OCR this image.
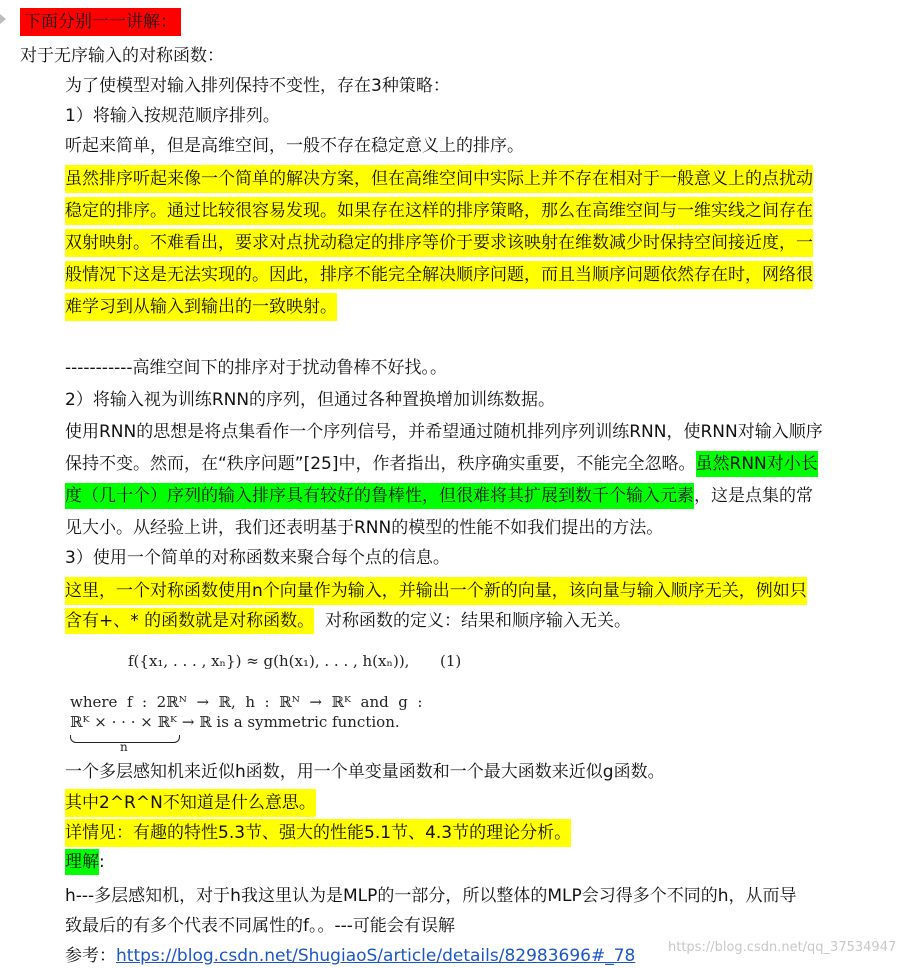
下面分别一一讲解：
对于无序输入的对称函数：
为了使模型对输入排列保持不变性，存在3种策略：
1）将输入按规范顺序排列。
听起来简单，但是高维空间，一般不存在稳定意义上的排序。
虽然排序听起来像一个简单的解决方案，但在高维空间中实际上并不存在相对于一般意义上的点扰动
稳定的排序。通过比较很容易发现。如果存在这样的排序策略，那么在高维空间与一维实线之间存在
双射映射。不难看出，要求对点扰动稳定的排序等价于要求该映射在维数减少时保持空间接近度，一
般情况下这是无法实现的。因此，排序不能完全解决顺序问题，而且当顺序问题依然存在时，网络很
难学习到从输入到输出的一致映射。
-----------高维空间下的排序对于扰动鲁棒不好找。。
2）将输入视为训练RNN的序列，但通过各种置换增加训练数据。
使用RNN的思想是将点集看作一个序列信号，并希望通过随机排列序列训练RNN，使RNN对输入顺序
保持不变。然而，在“秩序问题”[25]中，作者指出，秩序确实重要，不能完全忽略。虽然RNN对小长
度（几十个）序列的输入排序具有较好的鲁棒性，但很难将其扩展到数千个输入元素，这是点集的常
见大小。从经验上讲，我们还表明基于RNN的模型的性能不如我们提出的方法。
3）使用一个简单的对称函数来聚合每个点的信息。
这里，一个对称函数使用n个向量作为输入，并输出一个新的向量，该向量与输入顺序无关，例如只
含有+、* 的函数就是对称函数。  对称函数的定义：结果和顺序输入无关。
f({x₁, . . . , xₙ}) ≈ g(h(x₁), . . . , h(xₙ)), (1)
where  f  :  2ℝᴺ  →  ℝ,  h  :  ℝᴺ  →  ℝᴷ  and  g  :
ℝᴷ × · · · × ℝᴷ → ℝ is a symmetric function.
n
一个多层感知机来近似h函数，用一个单变量函数和一个最大函数来近似g函数。
其中2^R^N不知道是什么意思。
详情见：有趣的特性5.3节、强大的性能5.1节、4.3节的理论分析。
理解:
h---多层感知机，对于h我这里认为是MLP的一部分，所以整体的MLP会习得多个不同的h，从而导
致最后的有多个代表不同属性的f。。---可能会有误解
参考：https://blog.csdn.net/ShugiaoS/article/details/82983696#_78	https://blog.csdn.net/qq_37534947
